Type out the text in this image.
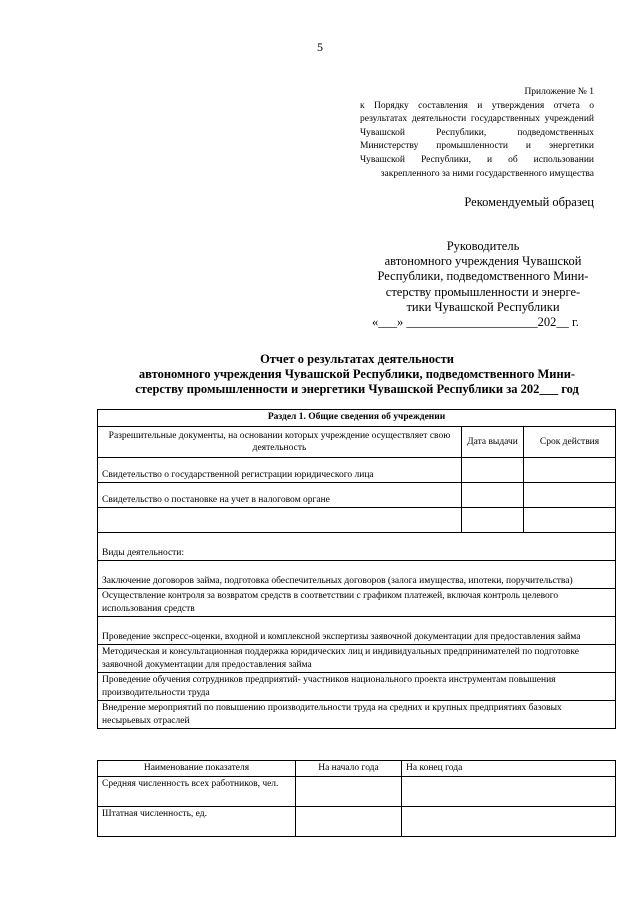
5
Приложение № 1
к Порядку составления и утверждения отчета о результатах деятельности государственных учреждений Чувашской Республики, подведомственных Министерству промышленности и энергетики Чувашской Республики, и об использовании закрепленного за ними государственного имущества
Рекомендуемый образец
Руководитель
автономного учреждения Чувашской
Республики, подведомственного Мини-
стерству промышленности и энерге-
тики Чувашской Республики
«___» _____________________202__ г.
Отчет о результатах деятельности
автономного учреждения Чувашской Республики, подведомственного Мини-
стерству промышленности и энергетики Чувашской Республики за 202___ год
Раздел 1. Общие сведения об учреждении		
Разрешительные документы, на основании которых учреждение осуществляет свою деятельность	Дата выдачи	Срок действия
Свидетельство о государственной регистрации юридического лица		
Свидетельство о постановке на учет в налоговом органе		

Виды деятельности:		
Заключение договоров займа, подготовка обеспечительных договоров (залога имущества, ипотеки, поручительства)		
Осуществление контроля за возвратом средств в соответствии с графиком платежей, включая контроль целевого использования средств		
Проведение экспресс-оценки, входной и комплексной экспертизы заявочной документации для предоставления займа		
Методическая и консультационная поддержка юридических лиц и индивидуальных предпринимателей по подготовке заявочной документации для предоставления займа		
Проведение обучения сотрудников предприятий- участников национального проекта инструментам повышения производительности труда		
Внедрение мероприятий по повышению производительности труда на средних и крупных предприятиях базовых несырьевых отраслей		
Наименование показателя	На начало года	На конец года
Средняя численность всех работников, чел.		
Штатная численность, ед.		
